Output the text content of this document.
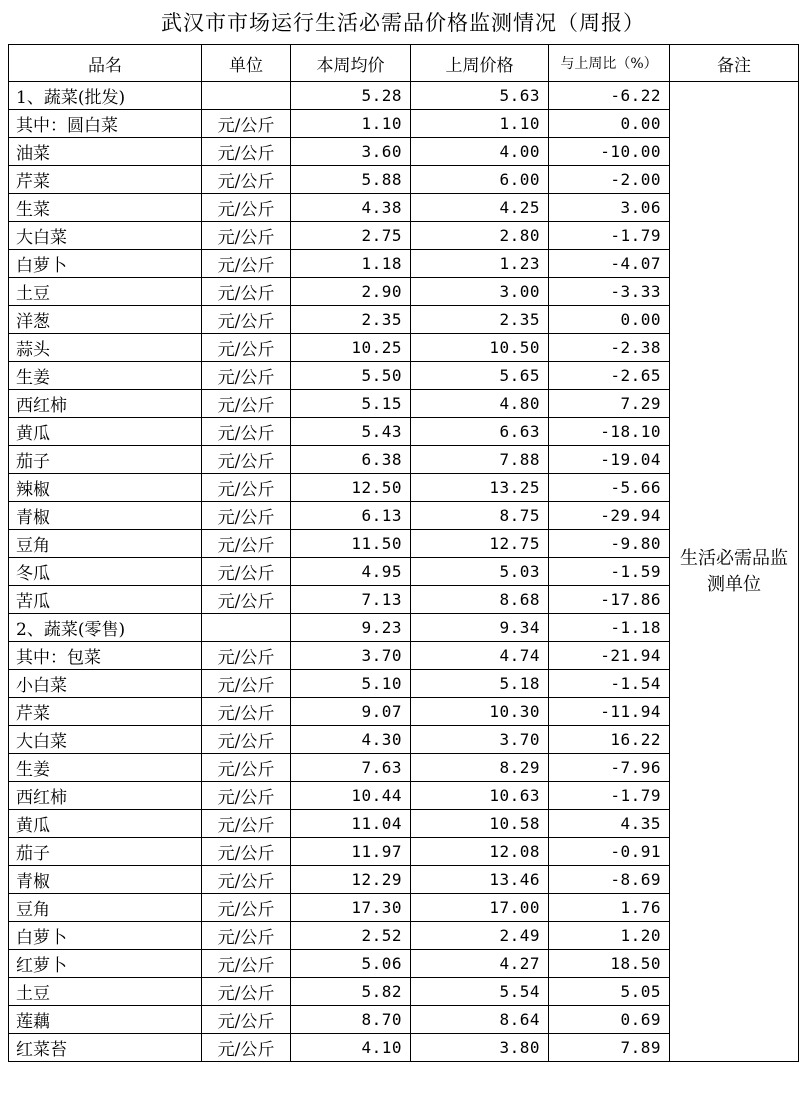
武汉市市场运行生活必需品价格监测情况（周报）
品名	单位	本周均价	上周价格	与上周比（%）	备注
1、蔬菜(批发)		5.28	5.63	-6.22	生活必需品监测单位
其中：圆白菜	元/公斤	1.10	1.10	0.00	
油菜	元/公斤	3.60	4.00	-10.00	
芹菜	元/公斤	5.88	6.00	-2.00	
生菜	元/公斤	4.38	4.25	3.06	
大白菜	元/公斤	2.75	2.80	-1.79	
白萝卜	元/公斤	1.18	1.23	-4.07	
土豆	元/公斤	2.90	3.00	-3.33	
洋葱	元/公斤	2.35	2.35	0.00	
蒜头	元/公斤	10.25	10.50	-2.38	
生姜	元/公斤	5.50	5.65	-2.65	
西红柿	元/公斤	5.15	4.80	7.29	
黄瓜	元/公斤	5.43	6.63	-18.10	
茄子	元/公斤	6.38	7.88	-19.04	
辣椒	元/公斤	12.50	13.25	-5.66	
青椒	元/公斤	6.13	8.75	-29.94	
豆角	元/公斤	11.50	12.75	-9.80	
冬瓜	元/公斤	4.95	5.03	-1.59	
苦瓜	元/公斤	7.13	8.68	-17.86	
2、蔬菜(零售)		9.23	9.34	-1.18	
其中：包菜	元/公斤	3.70	4.74	-21.94	
小白菜	元/公斤	5.10	5.18	-1.54	
芹菜	元/公斤	9.07	10.30	-11.94	
大白菜	元/公斤	4.30	3.70	16.22	
生姜	元/公斤	7.63	8.29	-7.96	
西红柿	元/公斤	10.44	10.63	-1.79	
黄瓜	元/公斤	11.04	10.58	4.35	
茄子	元/公斤	11.97	12.08	-0.91	
青椒	元/公斤	12.29	13.46	-8.69	
豆角	元/公斤	17.30	17.00	1.76	
白萝卜	元/公斤	2.52	2.49	1.20	
红萝卜	元/公斤	5.06	4.27	18.50	
土豆	元/公斤	5.82	5.54	5.05	
莲藕	元/公斤	8.70	8.64	0.69	
红菜苔	元/公斤	4.10	3.80	7.89	
